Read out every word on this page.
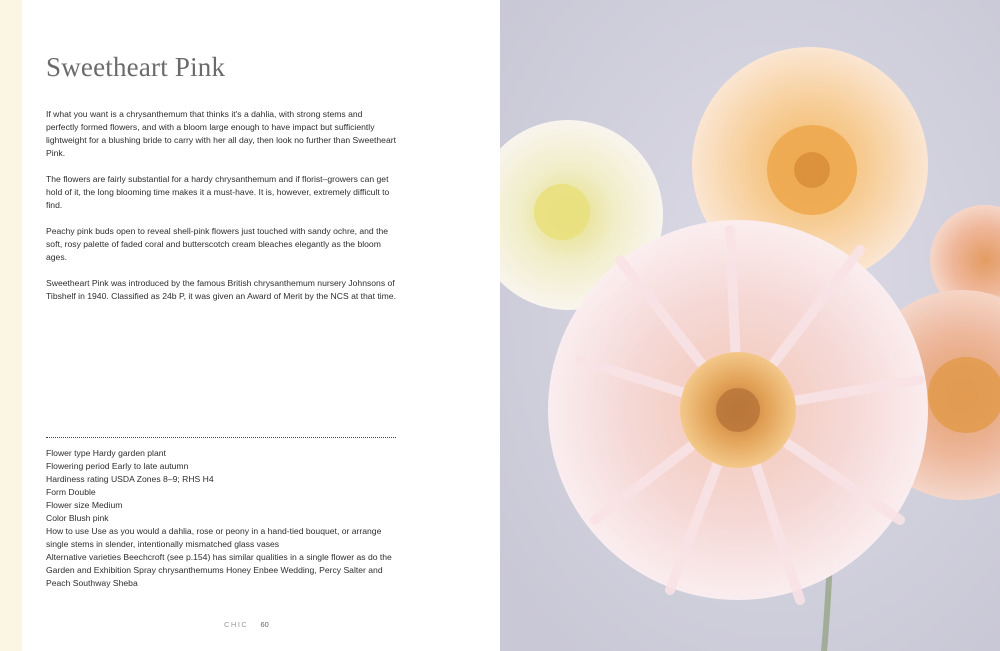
Sweetheart Pink

If what you want is a chrysanthemum that thinks it's a dahlia, with strong stems and perfectly formed flowers, and with a bloom large enough to have impact but sufficiently lightweight for a blushing bride to carry with her all day, then look no further than Sweetheart Pink.

The flowers are fairly substantial for a hardy chrysanthemum and if florist–growers can get hold of it, the long blooming time makes it a must-have. It is, however, extremely difficult to find.

Peachy pink buds open to reveal shell-pink flowers just touched with sandy ochre, and the soft, rosy palette of faded coral and butterscotch cream bleaches elegantly as the bloom ages.

Sweetheart Pink was introduced by the famous British chrysanthemum nursery Johnsons of Tibshelf in 1940. Classified as 24b P, it was given an Award of Merit by the NCS at that time.

Flower type Hardy garden plant
Flowering period Early to late autumn
Hardiness rating USDA Zones 8–9; RHS H4
Form Double
Flower size Medium
Color Blush pink
How to use Use as you would a dahlia, rose or peony in a hand-tied bouquet, or arrange single stems in slender, intentionally mismatched glass vases
Alternative varieties Beechcroft (see p.154) has similar qualities in a single flower as do the Garden and Exhibition Spray chrysanthemums Honey Enbee Wedding, Percy Salter and Peach Southway Sheba
CHIC 60
